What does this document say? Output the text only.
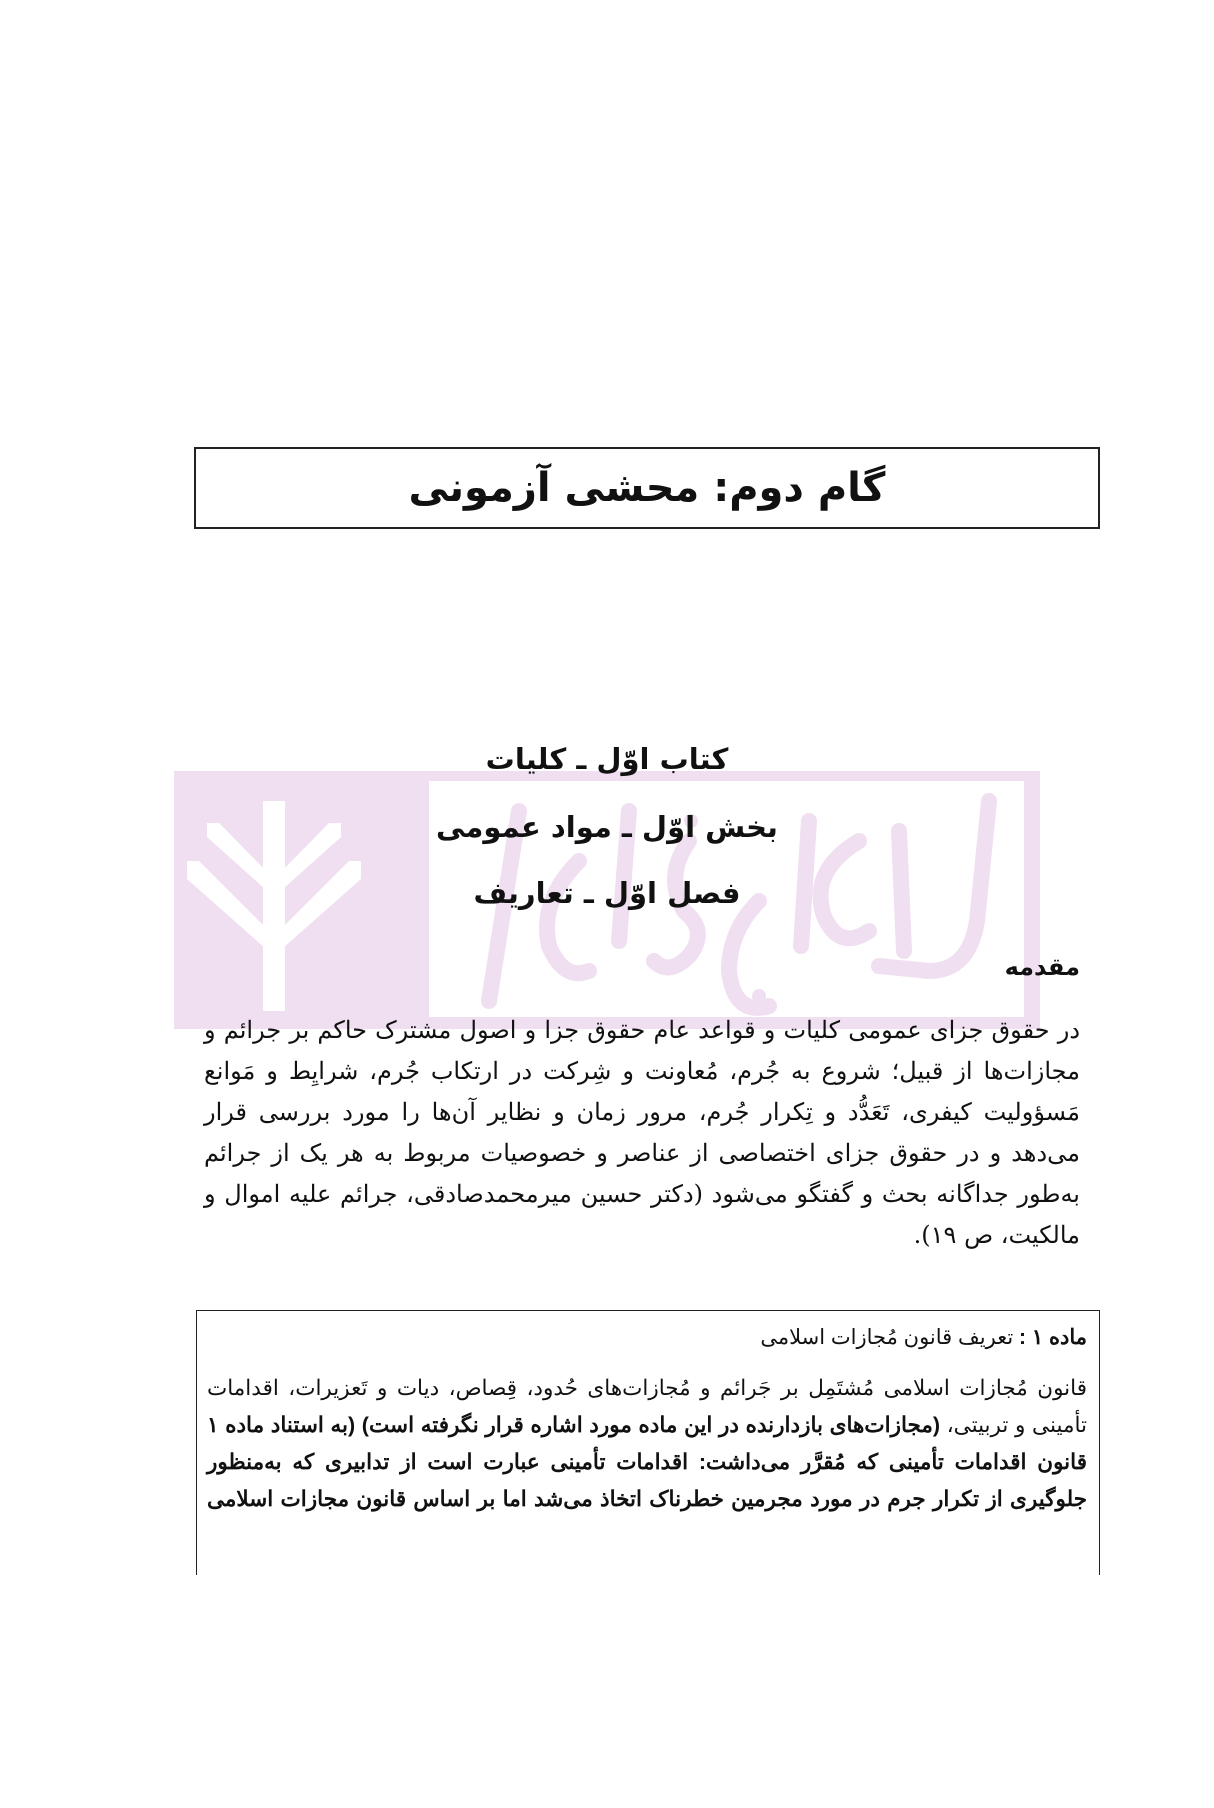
گام دوم: محشی آزمونی
کتاب اوّل ـ کلیات
بخش اوّل ـ مواد عمومی
فصل اوّل ـ تعاریف
مقدمه

در حقوق جزای عمومی کلیات و قواعد عام حقوق جزا و اصول مشترک حاکم بر جرائم و مجازات‌ها از قبیل؛ شروع به جُرم، مُعاونت و شِرکت در ارتکاب جُرم، شرایِط و مَوانع مَسؤولیت کیفری، تَعَدُّد و تِکرار جُرم، مرور زمان و نظایر آن‌ها را مورد بررسی قرار می‌دهد و در حقوق جزای اختصاصی از عناصر و خصوصیات مربوط به هر یک از جرائم به‌طور جداگانه بحث و گفتگو می‌شود (دکتر حسین میرمحمدصادقی، جرائم علیه اموال و مالکیت، ص ۱۹).

ماده ۱ : تعریف قانون مُجازات اسلامی
قانون مُجازات اسلامی مُشتَمِل بر جَرائم و مُجازات‌های حُدود، قِصاص، دیات و تَعزیرات، اقدامات تأمینی و تربیتی، (مجازات‌های بازدارنده در این ماده مورد اشاره قرار نگرفته است) (به استناد ماده ۱ قانون اقدامات تأمینی که مُقرَّر می‌داشت: اقدامات تأمینی عبارت است از تدابیری که به‌منظور جلوگیری از تکرار جرم در مورد مجرمین خطرناک اتخاذ می‌شد اما بر اساس قانون مجازات اسلامی
